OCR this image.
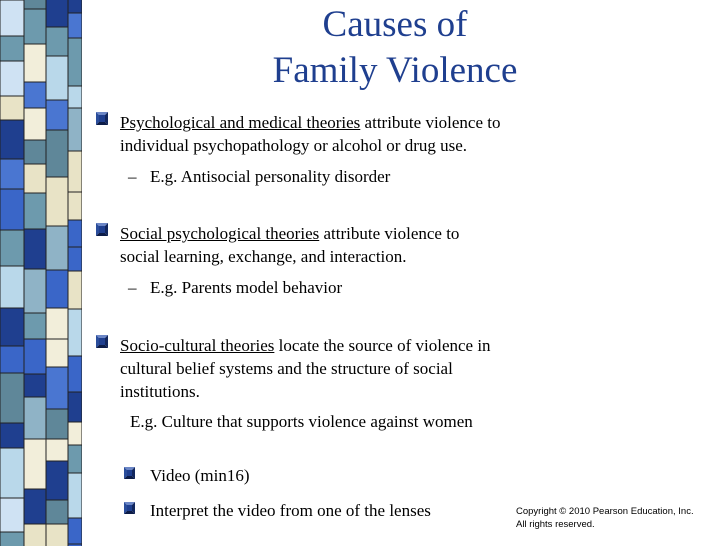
Causes of
Family Violence
Psychological and medical theories attribute violence to
individual psychopathology or alcohol or drug use.
– E.g. Antisocial personality disorder
Social psychological theories attribute violence to
social learning, exchange, and interaction.
– E.g. Parents model behavior
Socio-cultural theories locate the source of violence in
cultural belief systems and the structure of social
institutions.
E.g. Culture that supports violence against women
Video (min16)
Interpret the video from one of the lenses	Copyright © 2010 Pearson Education, Inc.
All rights reserved.
